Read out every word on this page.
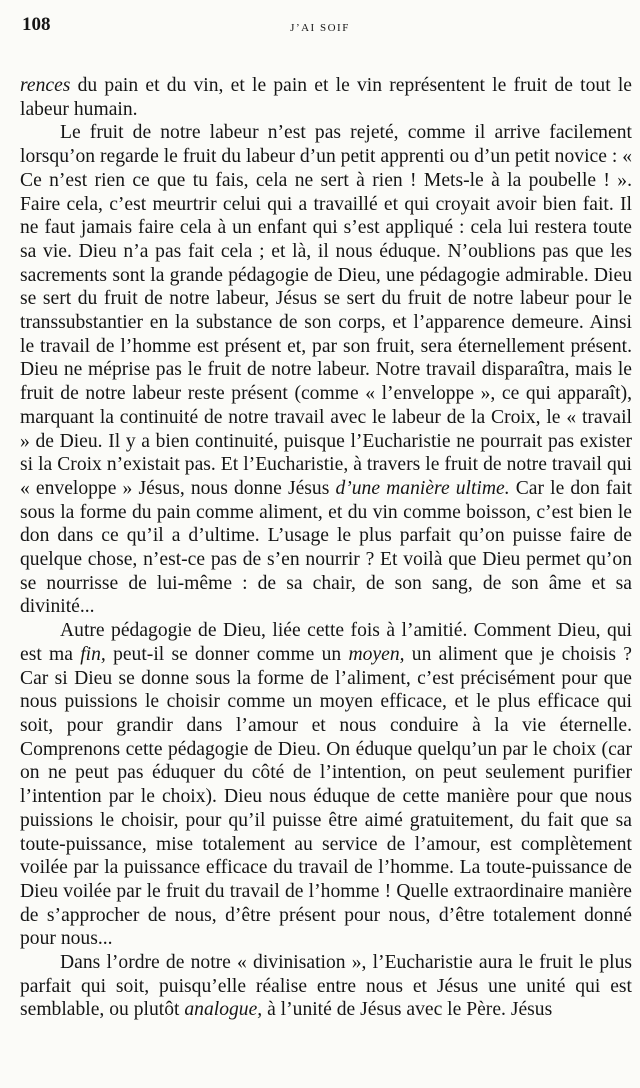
108	J’AI SOIF

rences du pain et du vin, et le pain et le vin représentent le fruit de tout le labeur humain.

Le fruit de notre labeur n’est pas rejeté, comme il arrive facilement lorsqu’on regarde le fruit du labeur d’un petit apprenti ou d’un petit novice : « Ce n’est rien ce que tu fais, cela ne sert à rien ! Mets-le à la poubelle ! ». Faire cela, c’est meurtrir celui qui a travaillé et qui croyait avoir bien fait. Il ne faut jamais faire cela à un enfant qui s’est appliqué : cela lui restera toute sa vie. Dieu n’a pas fait cela ; et là, il nous éduque. N’oublions pas que les sacrements sont la grande pédagogie de Dieu, une pédagogie admirable. Dieu se sert du fruit de notre labeur, Jésus se sert du fruit de notre labeur pour le transsubstantier en la substance de son corps, et l’apparence demeure. Ainsi le travail de l’homme est présent et, par son fruit, sera éternellement présent. Dieu ne méprise pas le fruit de notre labeur. Notre travail disparaîtra, mais le fruit de notre labeur reste présent (comme « l’enveloppe », ce qui apparaît), marquant la continuité de notre travail avec le labeur de la Croix, le « travail » de Dieu. Il y a bien continuité, puisque l’Eucharistie ne pourrait pas exister si la Croix n’existait pas. Et l’Eucharistie, à travers le fruit de notre travail qui « enveloppe » Jésus, nous donne Jésus d’une manière ultime. Car le don fait sous la forme du pain comme aliment, et du vin comme boisson, c’est bien le don dans ce qu’il a d’ultime. L’usage le plus parfait qu’on puisse faire de quelque chose, n’est-ce pas de s’en nourrir ? Et voilà que Dieu permet qu’on se nourrisse de lui-même : de sa chair, de son sang, de son âme et sa divinité...

Autre pédagogie de Dieu, liée cette fois à l’amitié. Comment Dieu, qui est ma fin, peut-il se donner comme un moyen, un aliment que je choisis ? Car si Dieu se donne sous la forme de l’aliment, c’est précisément pour que nous puissions le choisir comme un moyen efficace, et le plus efficace qui soit, pour grandir dans l’amour et nous conduire à la vie éternelle. Comprenons cette pédagogie de Dieu. On éduque quelqu’un par le choix (car on ne peut pas éduquer du côté de l’intention, on peut seulement purifier l’intention par le choix). Dieu nous éduque de cette manière pour que nous puissions le choisir, pour qu’il puisse être aimé gratuitement, du fait que sa toute-puissance, mise totalement au service de l’amour, est complètement voilée par la puissance efficace du travail de l’homme. La toute-puissance de Dieu voilée par le fruit du travail de l’homme ! Quelle extraordinaire manière de s’approcher de nous, d’être présent pour nous, d’être totalement donné pour nous...

Dans l’ordre de notre « divinisation », l’Eucharistie aura le fruit le plus parfait qui soit, puisqu’elle réalise entre nous et Jésus une unité qui est semblable, ou plutôt analogue, à l’unité de Jésus avec le Père. Jésus
